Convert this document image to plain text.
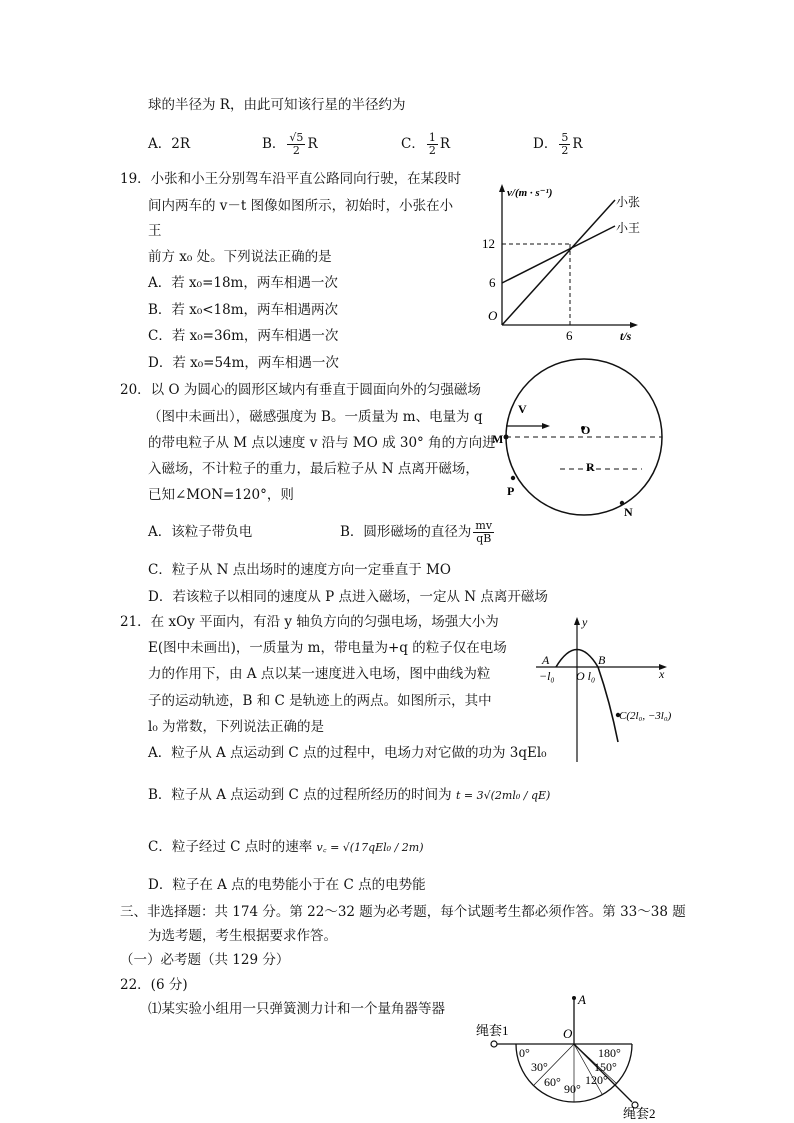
球的半径为 R，由此可知该行星的半径约为
A．2R	B． $\frac{√5}{2}$ R	C． $\frac{1}{2}$ R	D． $\frac{5}{2}$ R
19．小张和小王分别驾车沿平直公路同向行驶，在某段时
间内两车的 v－t 图像如图所示，初始时，小张在小
王
前方 x₀ 处。下列说法正确的是
A．若 x₀=18m，两车相遇一次
B．若 x₀<18m，两车相遇两次
C．若 x₀=36m，两车相遇一次
D．若 x₀=54m，两车相遇一次
v/(m · s⁻¹)
小张
小王
12
6
O
6	t/s
20．以 O 为圆心的圆形区域内有垂直于圆面向外的匀强磁场
（图中未画出），磁感强度为 B。一质量为 m、电量为 q
的带电粒子从 M 点以速度 v 沿与 MO 成 30° 角的方向进
入磁场，不计粒子的重力，最后粒子从 N 点离开磁场，
已知∠MON=120°，则
A．该粒子带负电	B．圆形磁场的直径为 $\frac{mv}{qB}$
C．粒子从 N 点出场时的速度方向一定垂直于 MO
D．若该粒子以相同的速度从 P 点进入磁场，一定从 N 点离开磁场
V
O
M
R
P
N
21．在 xOy 平面内，有沿 y 轴负方向的匀强电场，场强大小为
E(图中未画出)，一质量为 m，带电量为+q 的粒子仅在电场
力的作用下，由 A 点以某一速度进入电场，图中曲线为粒
子的运动轨迹，B 和 C 是轨迹上的两点。如图所示，其中
l₀ 为常数，下列说法正确的是
A．粒子从 A 点运动到 C 点的过程中，电场力对它做的功为 3qEl₀
B．粒子从 A 点运动到 C 点的过程所经历的时间为 t = 3√(2ml₀ / qE)
C．粒子经过 C 点时的速率 v꜀ = √(17qEl₀ / 2m)
D．粒子在 A 点的电势能小于在 C 点的电势能
y
x
A	B
−l₀ O l₀
C(2l₀, −3l₀)
三、非选择题：共 174 分。第 22～32 题为必考题，每个试题考生都必须作答。第 33～38 题
为选考题，考生根据要求作答。
（一）必考题（共 129 分）
22．(6 分)
⑴某实验小组用一只弹簧测力计和一个量角器等器
A
O
绳套1
绳套2
0°
30°
60° 90°
120°
150°
180°
